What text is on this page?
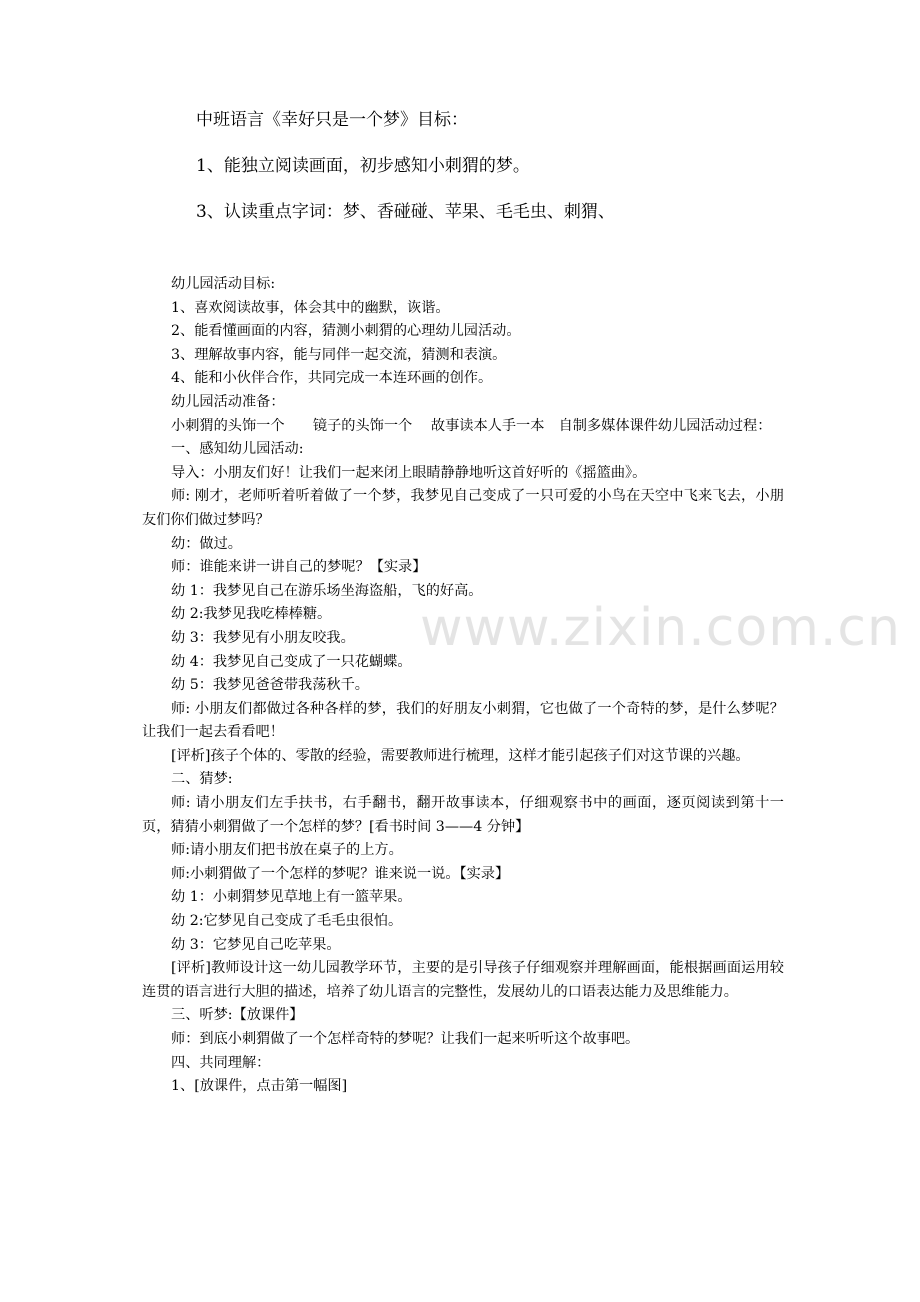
中班语言《幸好只是一个梦》目标：
1、能独立阅读画面，初步感知小刺猬的梦。
3、认读重点字词：梦、香碰碰、苹果、毛毛虫、刺猬、

幼儿园活动目标:

1、喜欢阅读故事，体会其中的幽默，诙谐。

2、能看懂画面的内容，猜测小刺猬的心理幼儿园活动。

3、理解故事内容，能与同伴一起交流，猜测和表演。

4、能和小伙伴合作，共同完成一本连环画的创作。

幼儿园活动准备：

小刺猬的头饰一个　　镜子的头饰一个　 故事读本人手一本　自制多媒体课件幼儿园活动过程：

一、感知幼儿园活动:

导入：小朋友们好！让我们一起来闭上眼睛静静地听这首好听的《摇篮曲》。

师: 刚才，老师听着听着做了一个梦，我梦见自己变成了一只可爱的小鸟在天空中飞来飞去，小朋友们你们做过梦吗？

幼：做过。

师：谁能来讲一讲自己的梦呢？【实录】

幼 1：我梦见自己在游乐场坐海盗船，飞的好高。

幼 2:我梦见我吃棒棒糖。

幼 3：我梦见有小朋友咬我。

幼 4：我梦见自己变成了一只花蝴蝶。

幼 5：我梦见爸爸带我荡秋千。

师: 小朋友们都做过各种各样的梦，我们的好朋友小刺猬，它也做了一个奇特的梦，是什么梦呢？让我们一起去看看吧！

[评析]孩子个体的、零散的经验，需要教师进行梳理，这样才能引起孩子们对这节课的兴趣。

二、猜梦:

师: 请小朋友们左手扶书，右手翻书，翻开故事读本，仔细观察书中的画面，逐页阅读到第十一页，猜猜小刺猬做了一个怎样的梦？[看书时间 3——4 分钟】

师:请小朋友们把书放在桌子的上方。

师:小刺猬做了一个怎样的梦呢？谁来说一说。【实录】

幼 1：小刺猬梦见草地上有一篮苹果。

幼 2:它梦见自己变成了毛毛虫很怕。

幼 3：它梦见自己吃苹果。

[评析]教师设计这一幼儿园教学环节，主要的是引导孩子仔细观察并理解画面，能根据画面运用较连贯的语言进行大胆的描述，培养了幼儿语言的完整性，发展幼儿的口语表达能力及思维能力。

三、听梦:【放课件】

师：到底小刺猬做了一个怎样奇特的梦呢？让我们一起来听听这个故事吧。

四、共同理解：

1、[放课件，点击第一幅图]

www.zixin.com.cn
